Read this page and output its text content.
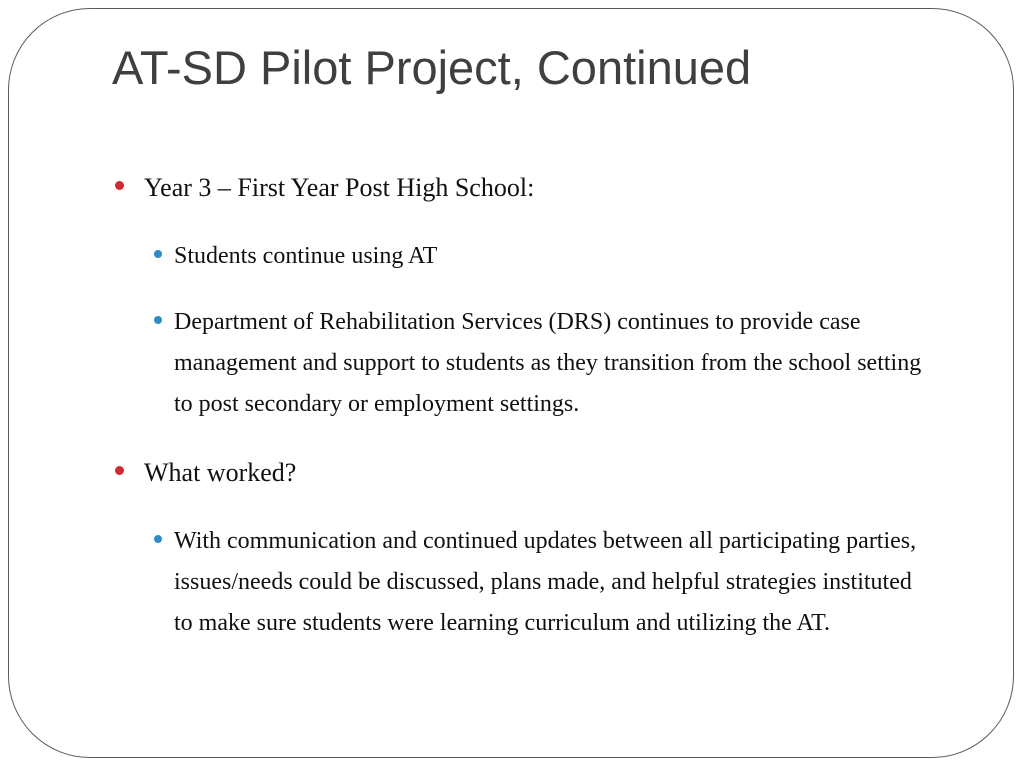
AT-SD Pilot Project, Continued
Year 3 – First Year Post High School:
Students continue using AT
Department of Rehabilitation Services (DRS) continues to provide case management and support to students as they transition from the school setting to post secondary or employment settings.
What worked?
With communication and continued updates between all participating parties, issues/needs could be discussed, plans made, and helpful strategies instituted to make sure students were learning curriculum and utilizing the AT.
